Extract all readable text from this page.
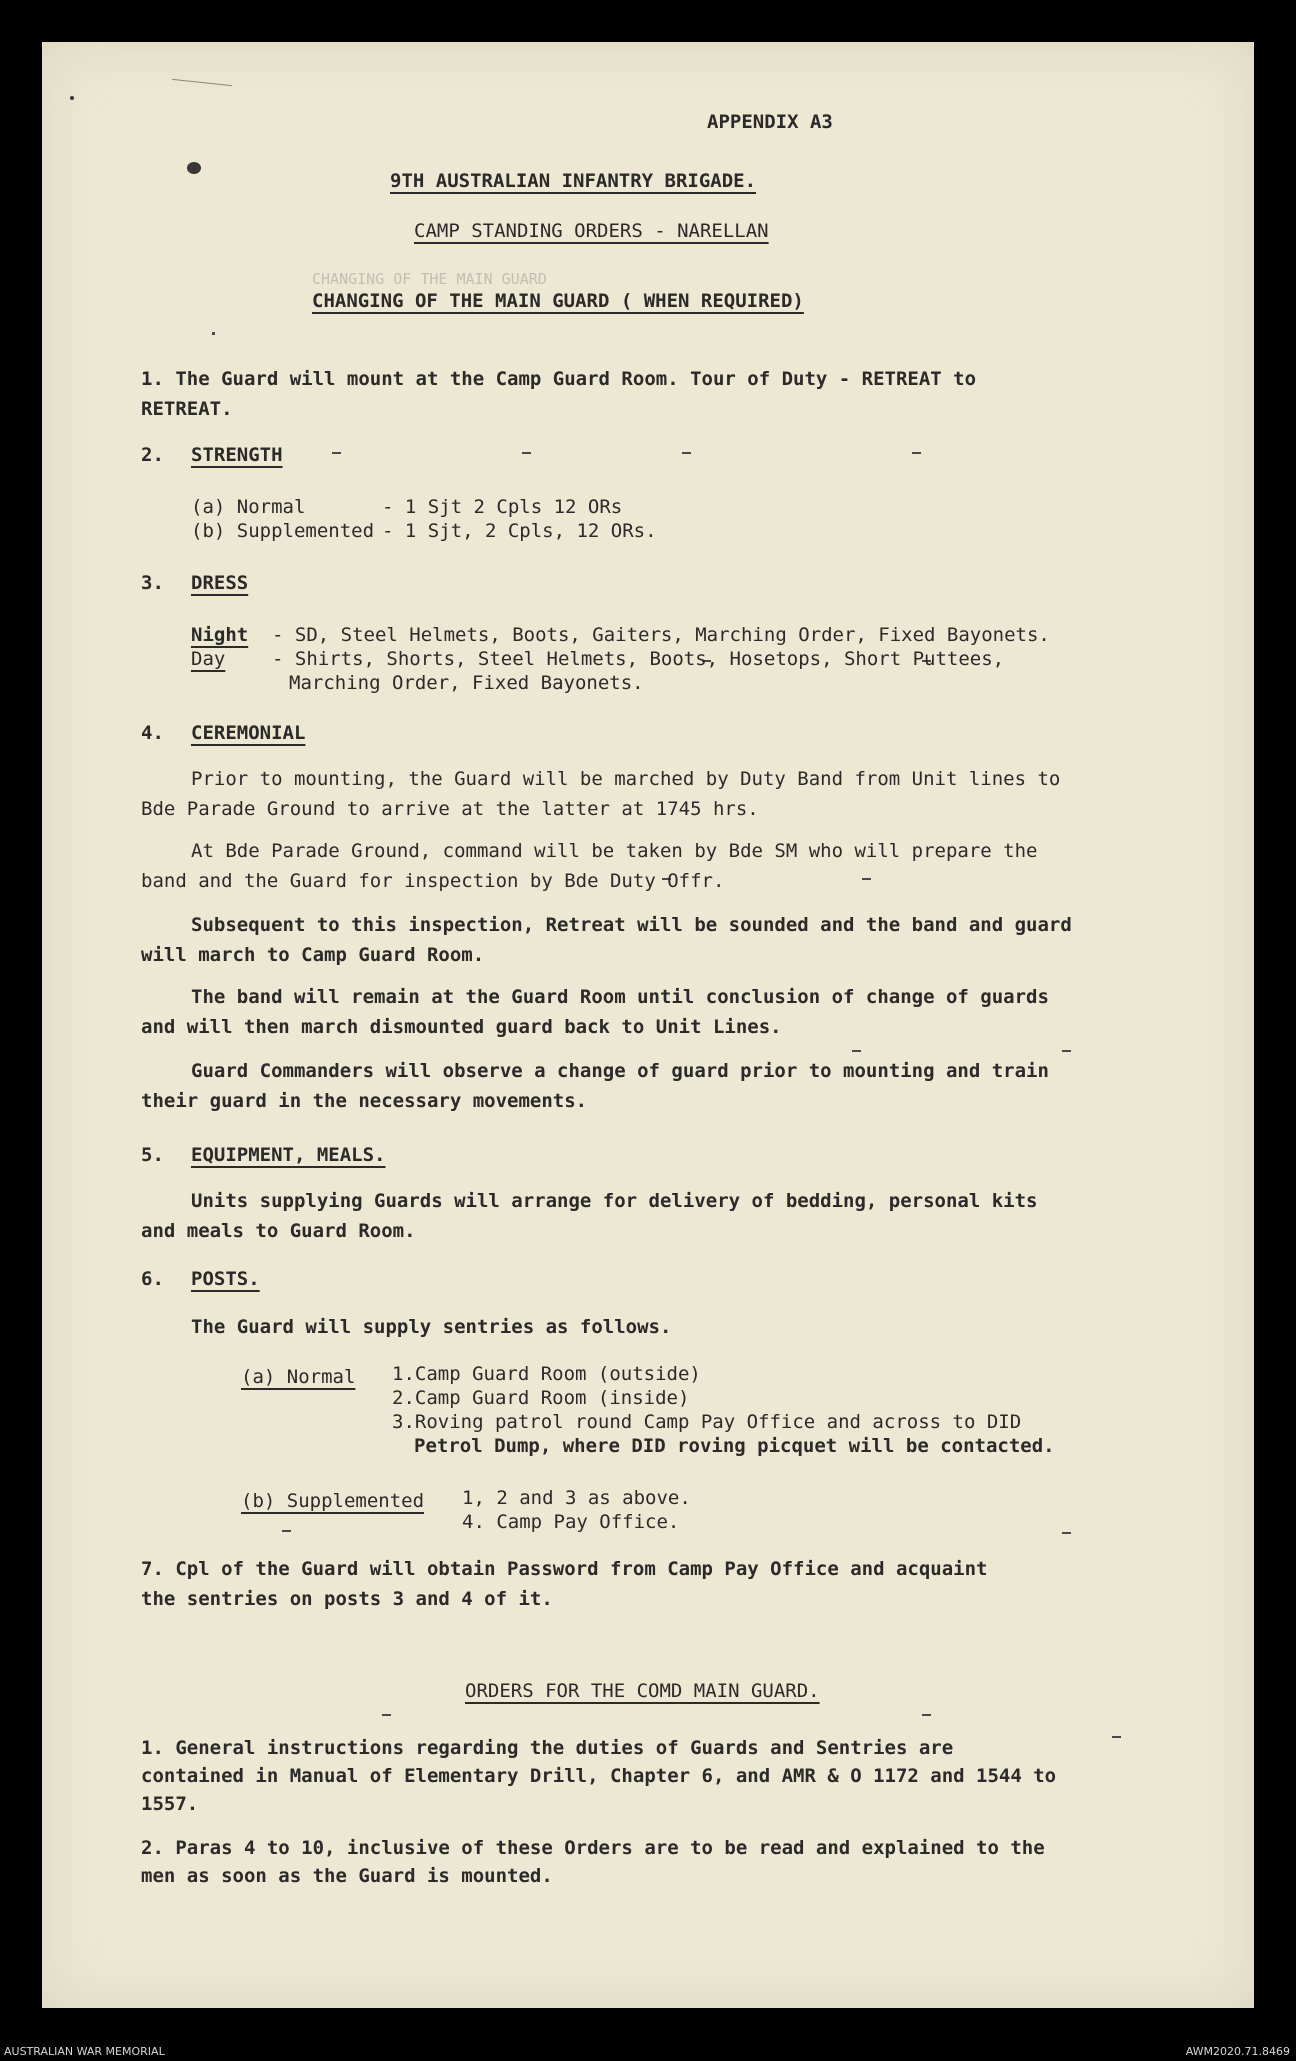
APPENDIX A3
9TH AUSTRALIAN INFANTRY BRIGADE.
CAMP STANDING ORDERS - NARELLAN
CHANGING OF THE MAIN GUARD
CHANGING OF THE MAIN GUARD ( WHEN REQUIRED)
1. The Guard will mount at the Camp Guard Room. Tour of Duty - RETREAT to
RETREAT.
2. STRENGTH
(a) Normal	- 1 Sjt 2 Cpls 12 ORs
(b) Supplemented - 1 Sjt, 2 Cpls, 12 ORs.
3. DRESS
Night - SD, Steel Helmets, Boots, Gaiters, Marching Order, Fixed Bayonets.
Day - Shirts, Shorts, Steel Helmets, Boots, Hosetops, Short Puttees,
Marching Order, Fixed Bayonets.
4. CEREMONIAL
Prior to mounting, the Guard will be marched by Duty Band from Unit lines to
Bde Parade Ground to arrive at the latter at 1745 hrs.
At Bde Parade Ground, command will be taken by Bde SM who will prepare the
band and the Guard for inspection by Bde Duty Offr.
Subsequent to this inspection, Retreat will be sounded and the band and guard
will march to Camp Guard Room.
The band will remain at the Guard Room until conclusion of change of guards
and will then march dismounted guard back to Unit Lines.
Guard Commanders will observe a change of guard prior to mounting and train
their guard in the necessary movements.
5. EQUIPMENT, MEALS.
Units supplying Guards will arrange for delivery of bedding, personal kits
and meals to Guard Room.
6. POSTS.
The Guard will supply sentries as follows.
(a) Normal 1.Camp Guard Room (outside)
2.Camp Guard Room (inside)
3.Roving patrol round Camp Pay Office and across to DID
Petrol Dump, where DID roving picquet will be contacted.
(b) Supplemented 1, 2 and 3 as above.
4. Camp Pay Office.
7. Cpl of the Guard will obtain Password from Camp Pay Office and acquaint
the sentries on posts 3 and 4 of it.
ORDERS FOR THE COMD MAIN GUARD.
1. General instructions regarding the duties of Guards and Sentries are
contained in Manual of Elementary Drill, Chapter 6, and AMR & O 1172 and 1544 to
1557.
2. Paras 4 to 10, inclusive of these Orders are to be read and explained to the
men as soon as the Guard is mounted.
AUSTRALIAN WAR MEMORIAL	AWM2020.71.8469
